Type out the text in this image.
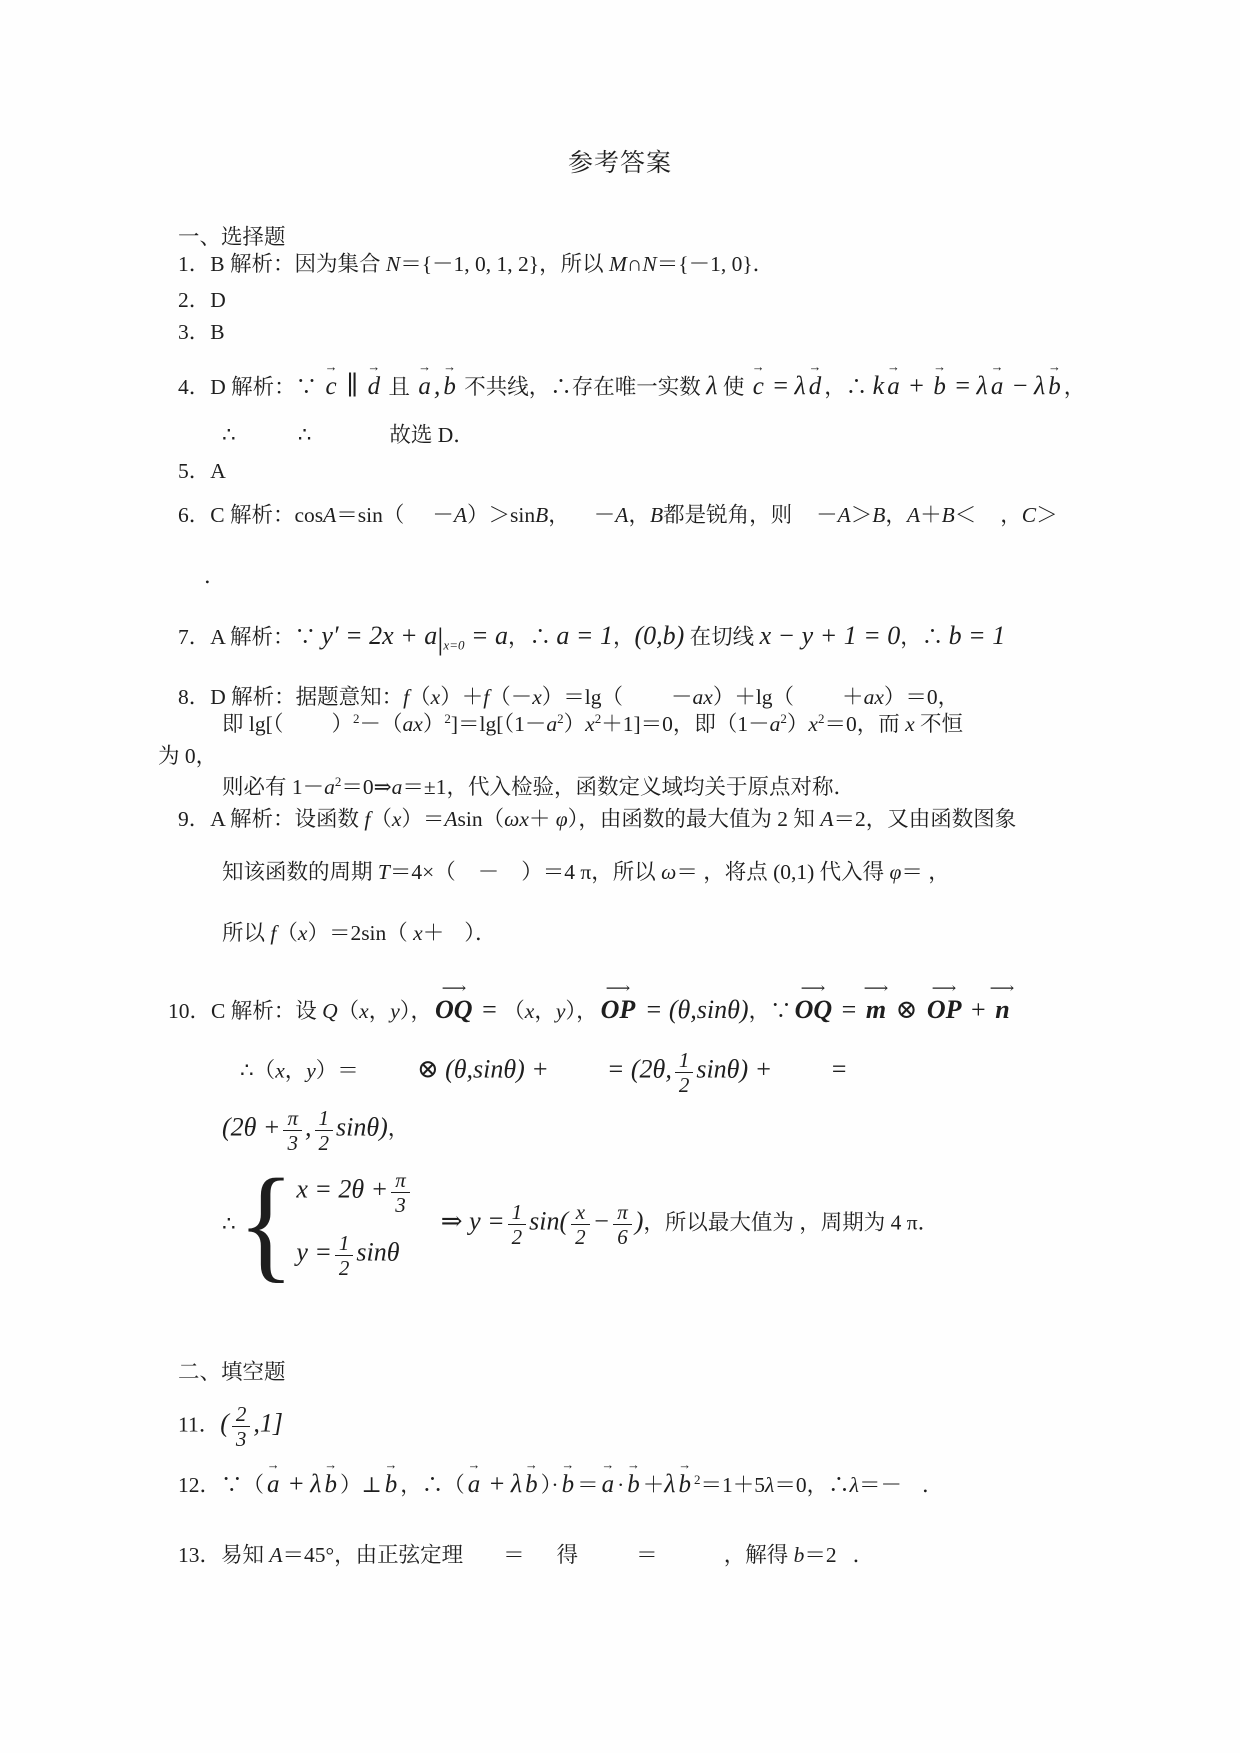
参考答案
一、选择题
1．B 解析：因为集合 N＝{－1, 0, 1, 2}，所以 M∩N＝{－1, 0}．
2．D
3．B
4．D 解析：∵ c → ∥ d → 且 a → , b → 不共线，∴存在唯一实数 λ 使 c → = λ d → ，∴ k a → + b → = λ a → − λ b → ，
∴	∴	故选 D．
5．A
6．C 解析：cosA＝sin（ －A）＞sinB， －A，B都是锐角，则 －A＞B，A＋B＜ ，C＞
．
7．A 解析：∵ $y' = 2x + a|_{x=0} = a$，∴ a = 1，(0,b) 在切线 x − y + 1 = 0，∴ b = 1
8．D 解析：据题意知：f（x）＋f（－x）＝lg（ －ax）＋lg（ ＋ax）＝0，
即 lg[（ ）$^2-(ax)^2]=\lg[(1-a^2)x^2+1]=0$，即$(1-a^2)x^2=0$，而 x 不恒
为 0，
则必有 $1-a^2=0\Rightarrow a=\pm 1$，代入检验，函数定义域均关于原点对称．
9．A 解析：设函数 f（x）＝Asin（ωx＋ φ），由函数的最大值为 2 知 A＝2，又由函数图象
知该函数的周期 T＝4×（ － ）＝4 π，所以 ω＝ ，将点 (0,1) 代入得 φ＝ ，
所以 f（x）＝2sin（ x＋ ）．
10．C 解析：设 Q（x，y）， OQ ⟶ = （x，y）， OP ⟶ = (θ,sinθ)，∵ OQ ⟶ = m ⟶ ⊗ OP ⟶ + n ⟶
∴（x，y）＝ ⊗ (θ,sinθ) + = (2θ, $\frac{1}{2} \sin\theta$) + =
($2\theta + \frac{\pi}{3}$ , $\frac{1}{2} \sin\theta$)，
∴ { $x = 2\theta + \frac{\pi}{3}$
$y = \frac{1}{2}$ sinθ
⇒ $y = \frac{1}{2} \sin( \frac{x}{2} - \frac{\pi}{6}$ )，所以最大值为 ，周期为 4 π．
二、填空题
11．( $\frac{2}{3} ,1$]
12．∵（ a → + λ b → ）⊥ b → ，∴（ a → + λ b → ）· b → ＝ a → · b → ＋λ b → $^2$＝1＋5λ＝0，∴λ＝－ ．
13．易知 A＝45°，由正弦定理 ＝ 得	＝	，解得 b＝2 ．
